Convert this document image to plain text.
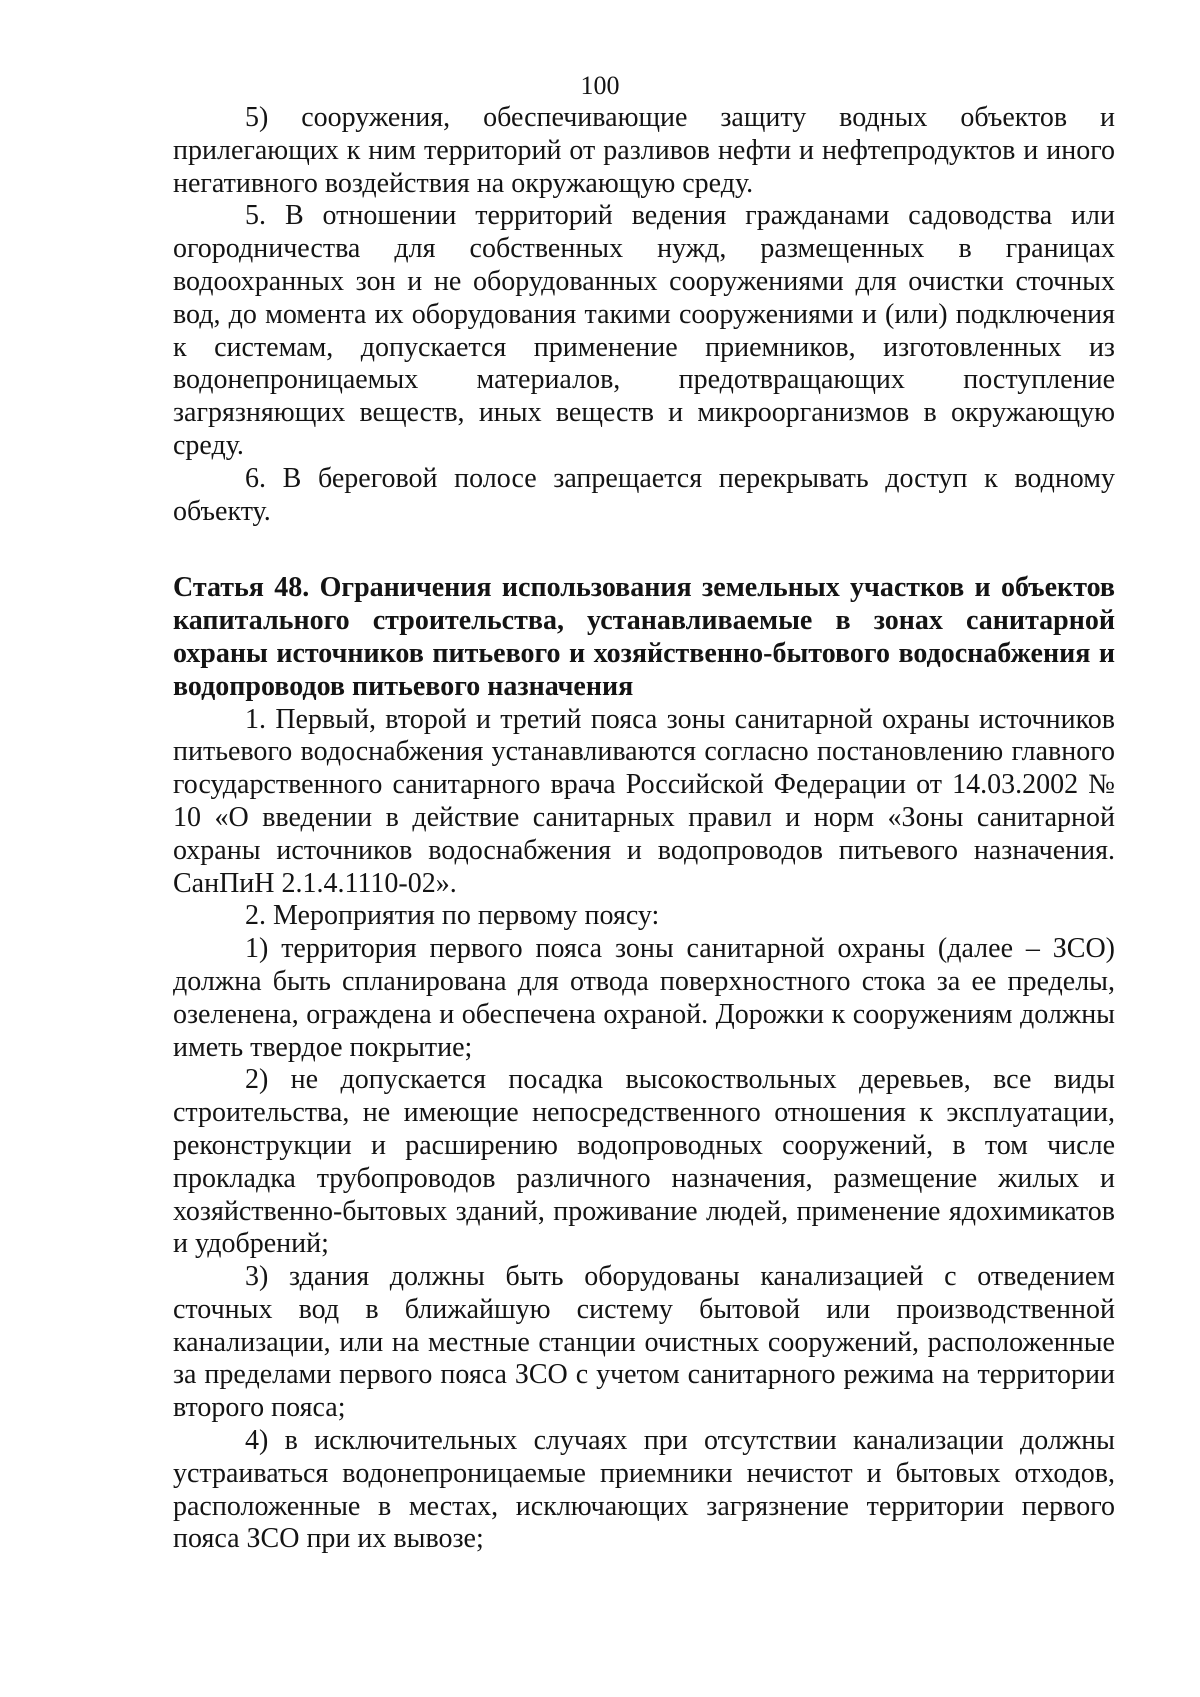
100

5) сооружения, обеспечивающие защиту водных объектов и прилегающих к ним территорий от разливов нефти и нефтепродуктов и иного негативного воздействия на окружающую среду.

5. В отношении территорий ведения гражданами садоводства или огородничества для собственных нужд, размещенных в границах водоохранных зон и не оборудованных сооружениями для очистки сточных вод, до момента их оборудования такими сооружениями и (или) подключения к системам, допускается применение приемников, изготовленных из водонепроницаемых материалов, предотвращающих поступление загрязняющих веществ, иных веществ и микроорганизмов в окружающую среду.

6. В береговой полосе запрещается перекрывать доступ к водному объекту.

Статья 48. Ограничения использования земельных участков и объектов капитального строительства, устанавливаемые в зонах санитарной охраны источников питьевого и хозяйственно-бытового водоснабжения и водопроводов питьевого назначения

1. Первый, второй и третий пояса зоны санитарной охраны источников питьевого водоснабжения устанавливаются согласно постановлению главного государственного санитарного врача Российской Федерации от 14.03.2002 № 10 «О введении в действие санитарных правил и норм «Зоны санитарной охраны источников водоснабжения и водопроводов питьевого назначения. СанПиН 2.1.4.1110-02».

2. Мероприятия по первому поясу:

1) территория первого пояса зоны санитарной охраны (далее – ЗСО) должна быть спланирована для отвода поверхностного стока за ее пределы, озеленена, ограждена и обеспечена охраной. Дорожки к сооружениям должны иметь твердое покрытие;

2) не допускается посадка высокоствольных деревьев, все виды строительства, не имеющие непосредственного отношения к эксплуатации, реконструкции и расширению водопроводных сооружений, в том числе прокладка трубопроводов различного назначения, размещение жилых и хозяйственно-бытовых зданий, проживание людей, применение ядохимикатов и удобрений;

3) здания должны быть оборудованы канализацией с отведением сточных вод в ближайшую систему бытовой или производственной канализации, или на местные станции очистных сооружений, расположенные за пределами первого пояса ЗСО с учетом санитарного режима на территории второго пояса;

4) в исключительных случаях при отсутствии канализации должны устраиваться водонепроницаемые приемники нечистот и бытовых отходов, расположенные в местах, исключающих загрязнение территории первого пояса ЗСО при их вывозе;
